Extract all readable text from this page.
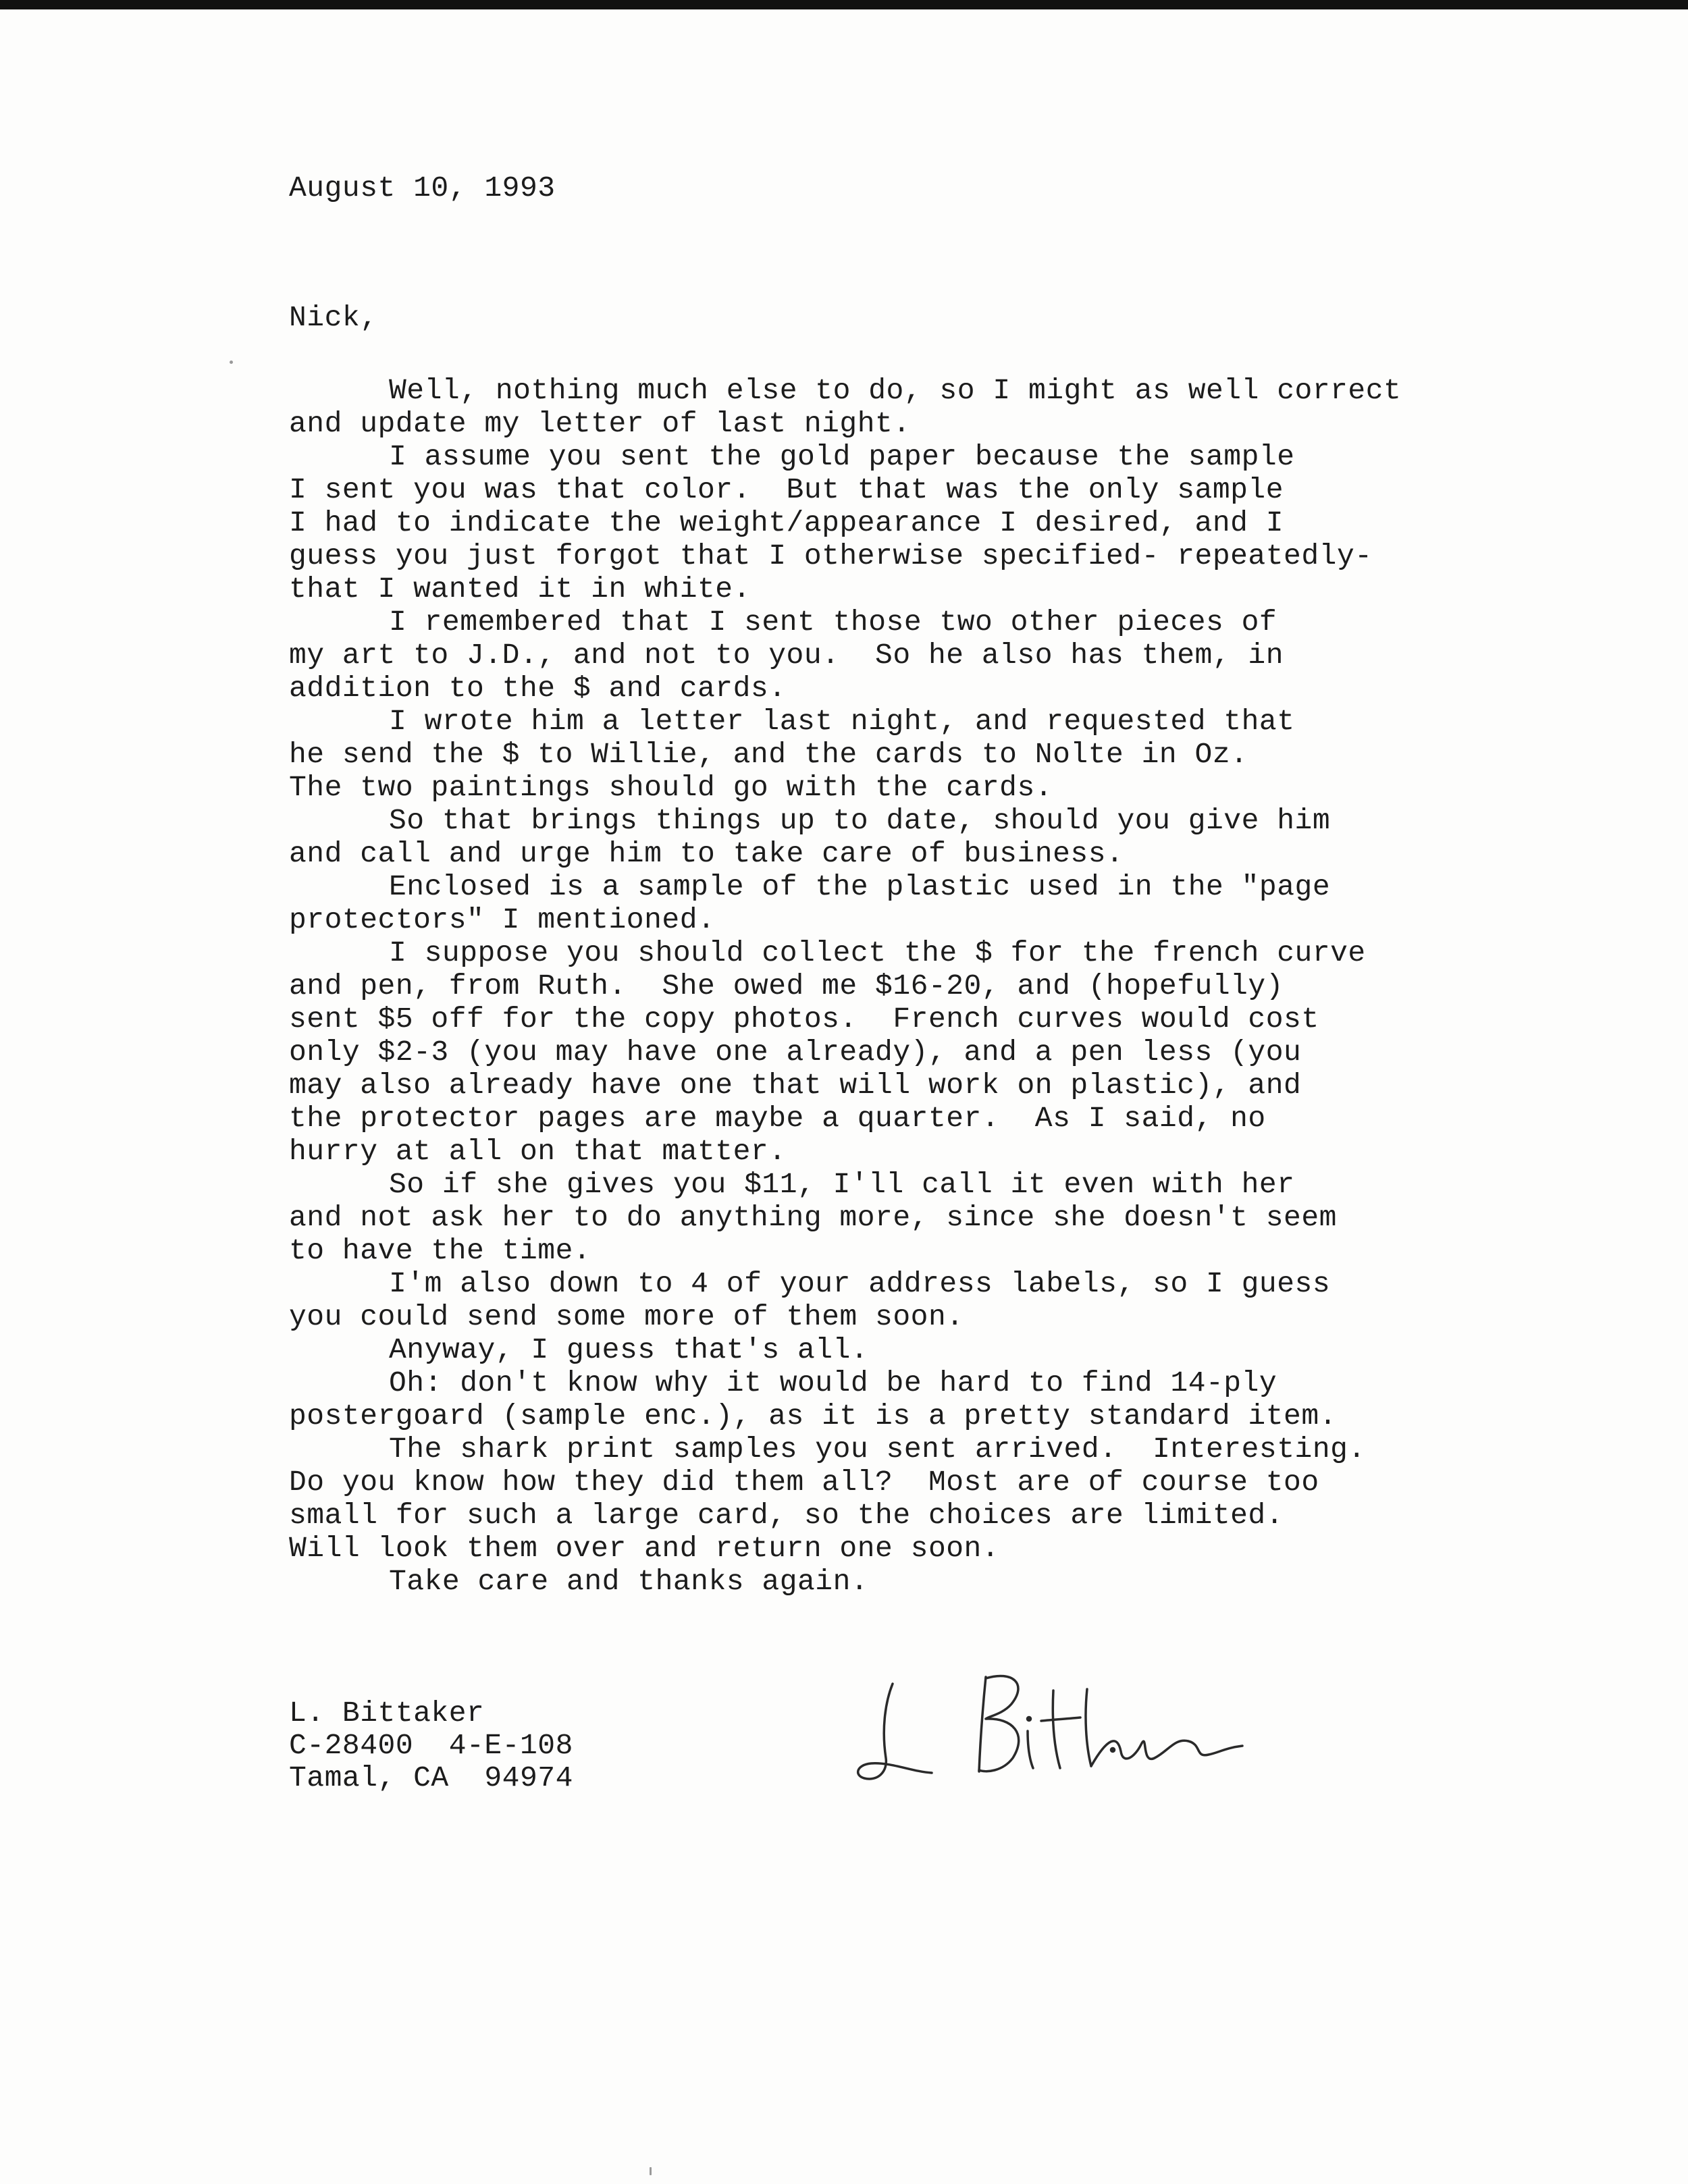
August 10, 1993

Nick,

Well, nothing much else to do, so I might as well correct
and update my letter of last night.
I assume you sent the gold paper because the sample
I sent you was that color.  But that was the only sample
I had to indicate the weight/appearance I desired, and I
guess you just forgot that I otherwise specified- repeatedly-
that I wanted it in white.
I remembered that I sent those two other pieces of
my art to J.D., and not to you.  So he also has them, in
addition to the $ and cards.
I wrote him a letter last night, and requested that
he send the $ to Willie, and the cards to Nolte in Oz.
The two paintings should go with the cards.
So that brings things up to date, should you give him
and call and urge him to take care of business.
Enclosed is a sample of the plastic used in the "page
protectors" I mentioned.
I suppose you should collect the $ for the french curve
and pen, from Ruth.  She owed me $16-20, and (hopefully)
sent $5 off for the copy photos.  French curves would cost
only $2-3 (you may have one already), and a pen less (you
may also already have one that will work on plastic), and
the protector pages are maybe a quarter.  As I said, no
hurry at all on that matter.
So if she gives you $11, I'll call it even with her
and not ask her to do anything more, since she doesn't seem
to have the time.
I'm also down to 4 of your address labels, so I guess
you could send some more of them soon.
Anyway, I guess that's all.
Oh: don't know why it would be hard to find 14-ply
postergoard (sample enc.), as it is a pretty standard item.
The shark print samples you sent arrived.  Interesting.
Do you know how they did them all?  Most are of course too
small for such a large card, so the choices are limited.
Will look them over and return one soon.
Take care and thanks again.
L. Bittaker
C-28400  4-E-108
Tamal, CA  94974
